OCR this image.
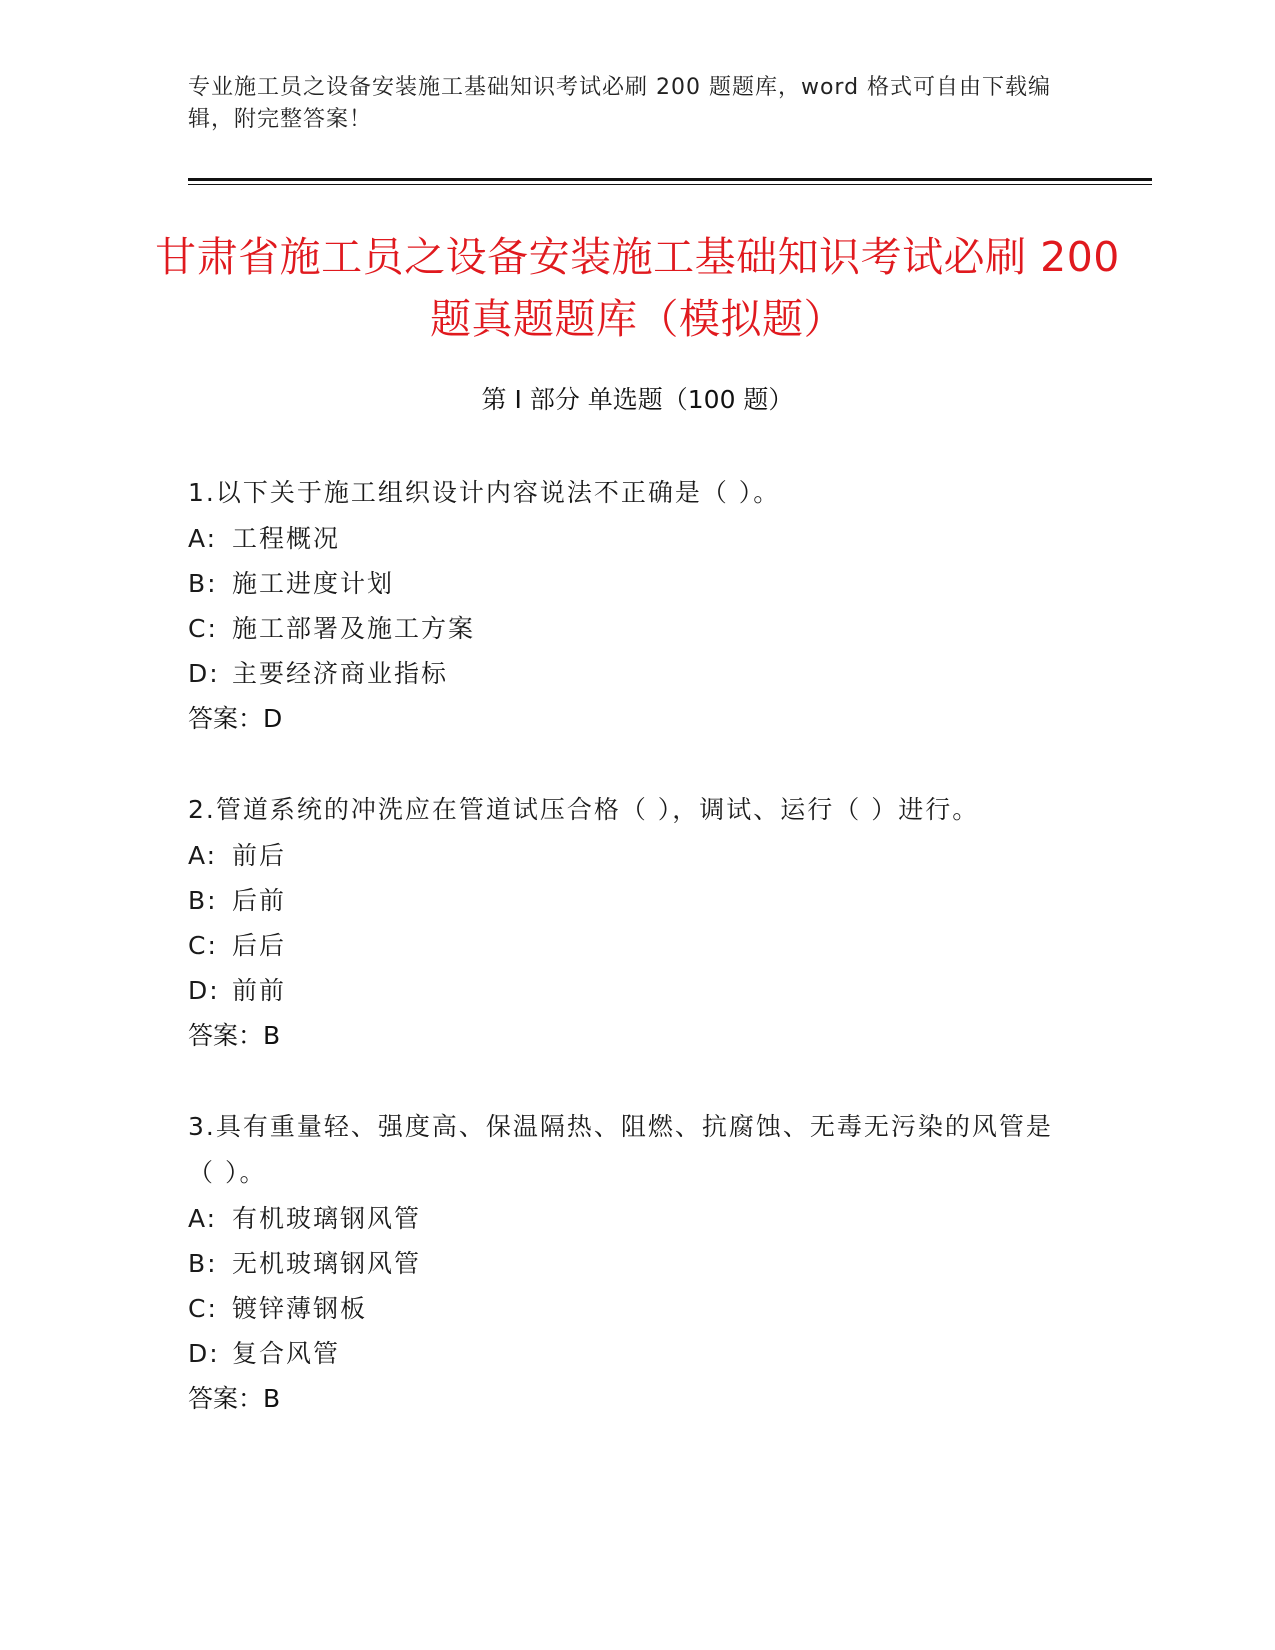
专业施工员之设备安装施工基础知识考试必刷 200 题题库，word 格式可自由下载编辑，附完整答案！
甘肃省施工员之设备安装施工基础知识考试必刷 200 题真题题库（模拟题）
第 I 部分 单选题（100 题）
1.以下关于施工组织设计内容说法不正确是（ ）。
A: 工程概况
B: 施工进度计划
C: 施工部署及施工方案
D: 主要经济商业指标
答案：D
2.管道系统的冲洗应在管道试压合格（ ），调试、运行（ ）进行。
A: 前后
B: 后前
C: 后后
D: 前前
答案：B
3.具有重量轻、强度高、保温隔热、阻燃、抗腐蚀、无毒无污染的风管是（ ）。
A: 有机玻璃钢风管
B: 无机玻璃钢风管
C: 镀锌薄钢板
D: 复合风管
答案：B
